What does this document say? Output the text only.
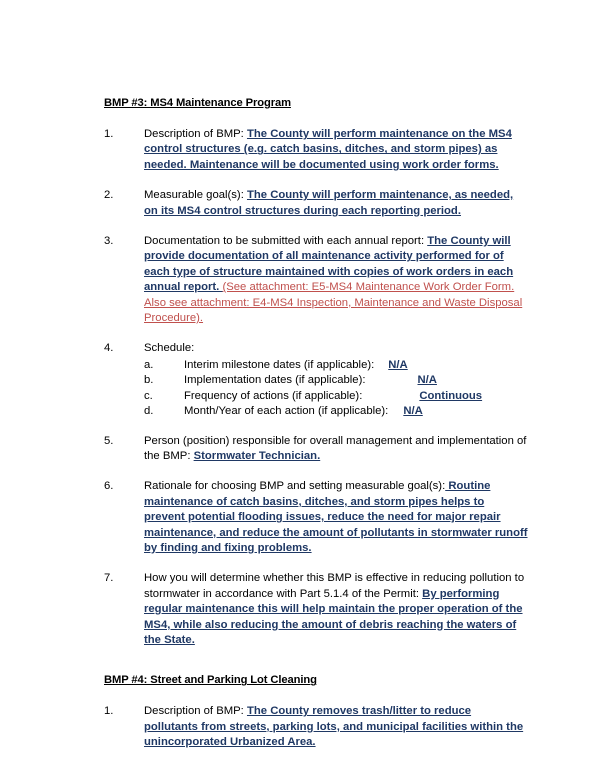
BMP #3: MS4 Maintenance Program
1.	Description of BMP: The County will perform maintenance on the MS4 control structures (e.g. catch basins, ditches, and storm pipes) as needed. Maintenance will be documented using work order forms.
2.	Measurable goal(s): The County will perform maintenance, as needed, on its MS4 control structures during each reporting period.
3.	Documentation to be submitted with each annual report: The County will provide documentation of all maintenance activity performed for of each type of structure maintained with copies of work orders in each annual report. (See attachment: E5-MS4 Maintenance Work Order Form. Also see attachment: E4-MS4 Inspection, Maintenance and Waste Disposal Procedure).
4.	Schedule:
a.	Interim milestone dates (if applicable): N/A
b.	Implementation dates (if applicable):	N/A
c.	Frequency of actions (if applicable):	Continuous
d.	Month/Year of each action (if applicable): N/A
5.	Person (position) responsible for overall management and implementation of the BMP: Stormwater Technician.
6.	Rationale for choosing BMP and setting measurable goal(s): Routine maintenance of catch basins, ditches, and storm pipes helps to prevent potential flooding issues, reduce the need for major repair maintenance, and reduce the amount of pollutants in stormwater runoff by finding and fixing problems.
7.	How you will determine whether this BMP is effective in reducing pollution to stormwater in accordance with Part 5.1.4 of the Permit: By performing regular maintenance this will help maintain the proper operation of the MS4, while also reducing the amount of debris reaching the waters of the State.
BMP #4: Street and Parking Lot Cleaning
1.	Description of BMP: The County removes trash/litter to reduce pollutants from streets, parking lots, and municipal facilities within the unincorporated Urbanized Area.
